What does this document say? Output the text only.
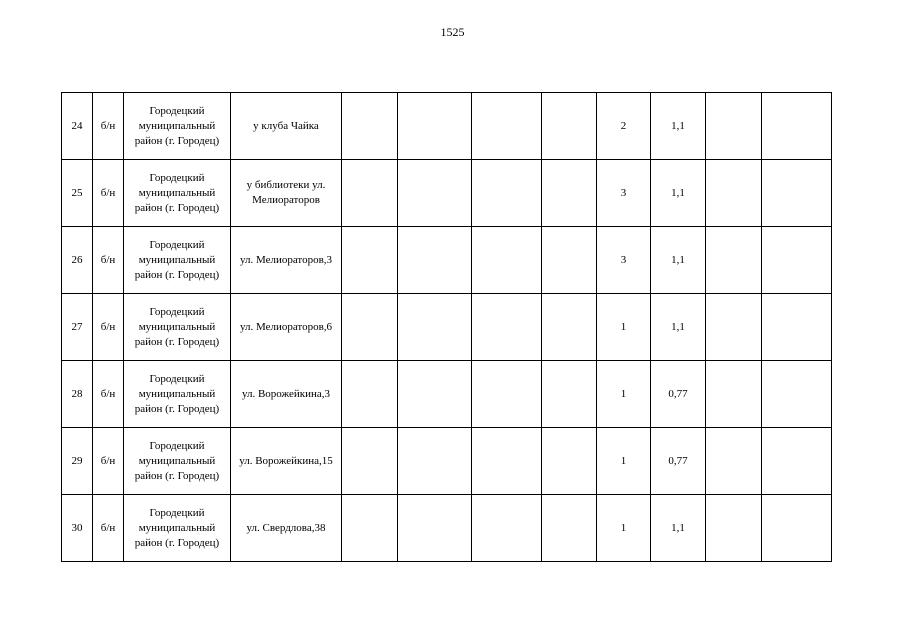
1525
24	б/н	Городецкий муниципальный район (г. Городец)	у клуба Чайка					2	1,1		
25	б/н	Городецкий муниципальный район (г. Городец)	у библиотеки ул. Мелиораторов					3	1,1		
26	б/н	Городецкий муниципальный район (г. Городец)	ул. Мелиораторов,3					3	1,1		
27	б/н	Городецкий муниципальный район (г. Городец)	ул. Мелиораторов,6					1	1,1		
28	б/н	Городецкий муниципальный район (г. Городец)	ул. Ворожейкина,3					1	0,77		
29	б/н	Городецкий муниципальный район (г. Городец)	ул. Ворожейкина,15					1	0,77		
30	б/н	Городецкий муниципальный район (г. Городец)	ул. Свердлова,38					1	1,1		
